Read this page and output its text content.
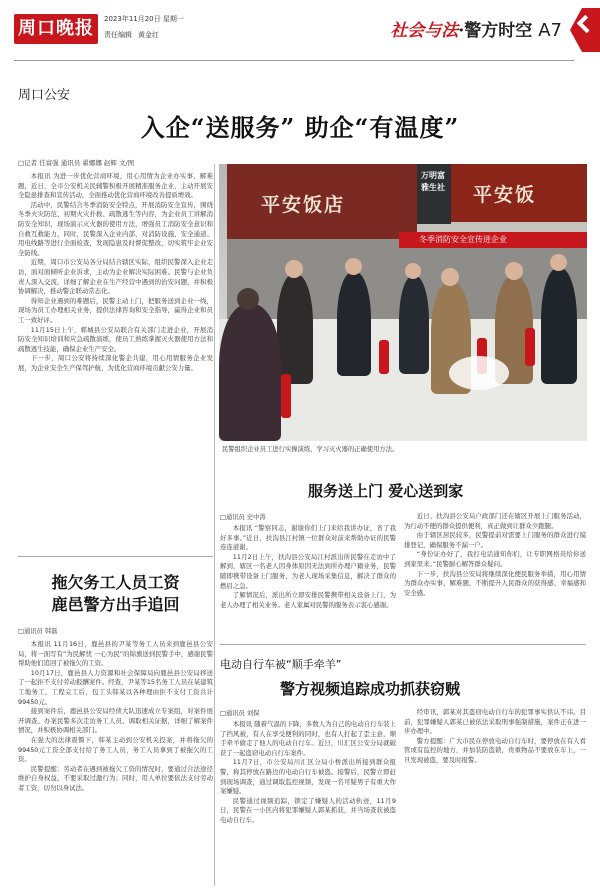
周口晚报	2023年11月20日 星期一
责任编辑 黄金红	社会与法·警方时空 A7
周口公安
入企“送服务” 助企“有温度”
□记者 任富强 通讯员 翟娜娜 赵辉 文/图

本报讯 为进一步优化营商环境，用心用情为企业办实事、解难题，近日，全市公安机关民辅警积极开展精准服务企业，主动开展安全隐患排查和宣传活动，全面推动优化营商环境改善提质增效。

活动中，民警结合冬季消防安全特点，开展消防安全宣传，围绕冬季火灾防范、初期火灾扑救、疏散逃生等内容，为企业员工讲解消防安全知识，现场演示灭火器的使用方法，增强员工消防安全意识和自救互救能力，同时，民警深入企业内部，对消防设施、安全通道、用电线路等进行全面检查，发现隐患及时督促整改，切实筑牢企业安全防线。

近期，周口市公安局各分局结合辖区实际，组织民警深入企业走访，面对面倾听企业诉求，主动为企业解决实际困难。民警与企业负责人深入交流，详细了解企业在生产经营中遇到的治安问题，并积极协调解决，推动警企联动常态化。

得知企业遇到的难题后，民警主动上门，把服务送到企业一线，现场为员工办理相关业务，提供法律咨询和安全指导，赢得企业和员工一致好评。

11月15日上午，郸城县公安局联合有关部门走进企业，开展消防安全知识培训和应急疏散演练，使员工熟练掌握灭火器使用方法和疏散逃生技能，确保企业生产安全。

下一步，周口公安将持续深化警企共建，用心用情服务企业发展，为企业安全生产保驾护航，为优化营商环境贡献公安力量。

平安饭店
万明富 雅生社 平安饭
冬季消防安全宣传进企业
民警组织企业员工进行实操演练，学习灭火器的正确使用方法。
服务送上门 爱心送到家
□通讯员 史中涛

本报讯 “警察同志，谢谢你们上门来给我讲办证，省了我好多事。”近日，扶沟县江村镇一位群众对前来帮助办证的民警连连道谢。

11月2日上午，扶沟县公安局江村派出所民警在走访中了解到，辖区一名老人因身体原因无法到所办理户籍业务，民警随即携带设备上门服务，为老人现场采集信息，解决了群众的燃眉之急。

了解情况后，派出所立即安排民警携带相关设备上门，为老人办理了相关业务。老人家属对民警的服务表示衷心感谢。

近日，扶沟县公安局户政部门还在辖区开展上门服务活动，为行动不便的群众提供便利，真正做到让群众少跑腿。

由于辖区居民较多，民警提前对需要上门服务的群众进行摸排登记，确保服务不漏一户。

“身份证办好了，我打电话通知你们，让专职网格员给你送到家里来。”民警耐心解答群众疑问。

下一步，扶沟县公安局将继续深化便民服务举措，用心用情为群众办实事、解难题，不断提升人民群众的获得感、幸福感和安全感。

拖欠务工人员工资
鹿邑警方出手追回
□通讯员 韩磊

本报讯 11月16日，鹿邑县的尹某等务工人员来到鹿邑县公安局，将一面写有“为民解忧 一心为民”的锦旗送到民警手中，感谢民警帮助他们追回了被拖欠的工资。

10月17日，鹿邑县人力资源和社会保障局向鹿邑县公安局移送了一起拒不支付劳动报酬案件。经查，尹某等15名务工人员在某建筑工地务工，工程完工后，包工头韩某以各种理由拒不支付工资共计99450元。

接到案件后，鹿邑县公安局经侦大队迅速成立专案组，对案件展开调查。办案民警多次走访务工人员、调取相关证据，详细了解案件情况，并积极协调相关部门。

在强大的法律震慑下，韩某主动到公安机关投案，并将拖欠的99450元工资全部支付给了务工人员，务工人员拿到了被拖欠的工资。

民警提醒：劳动者在遇到被拖欠工资的情况时，要通过合法途径维护自身权益，不要采取过激行为；同时，用人单位要依法支付劳动者工资，切勿以身试法。

电动自行车被“顺手牵羊”
警方视频追踪成功抓获窃贼
□通讯员 刘保

本报讯 随着气温的下降，多数人为自己的电动自行车装上了挡风被，有人在享受便利的同时，也有人打起了歪主意，顺手牵羊偷走了他人的电动自行车。近日，川汇区公安分局就破获了一起盗窃电动自行车案件。

11月7日，市公安局川汇区分局小桥派出所接到群众报警，称其停放在路边的电动自行车被盗。接警后，民警立即赶到现场调查，通过调取监控视频，发现一名可疑男子有重大作案嫌疑。

民警通过视频追踪，锁定了嫌疑人的活动轨迹，11月9日，民警在一小区内将犯罪嫌疑人郭某抓获，并当场查获被盗电动自行车。

经审讯，郭某对其盗窃电动自行车的犯罪事实供认不讳。目前，犯罪嫌疑人郭某已被依法采取刑事强制措施，案件正在进一步办理中。

警方提醒：广大市民在停放电动自行车时，要停放在有人看管或有监控的地方，并加装防盗锁，贵重物品不要放在车上，一旦发现被盗，要及时报警。
